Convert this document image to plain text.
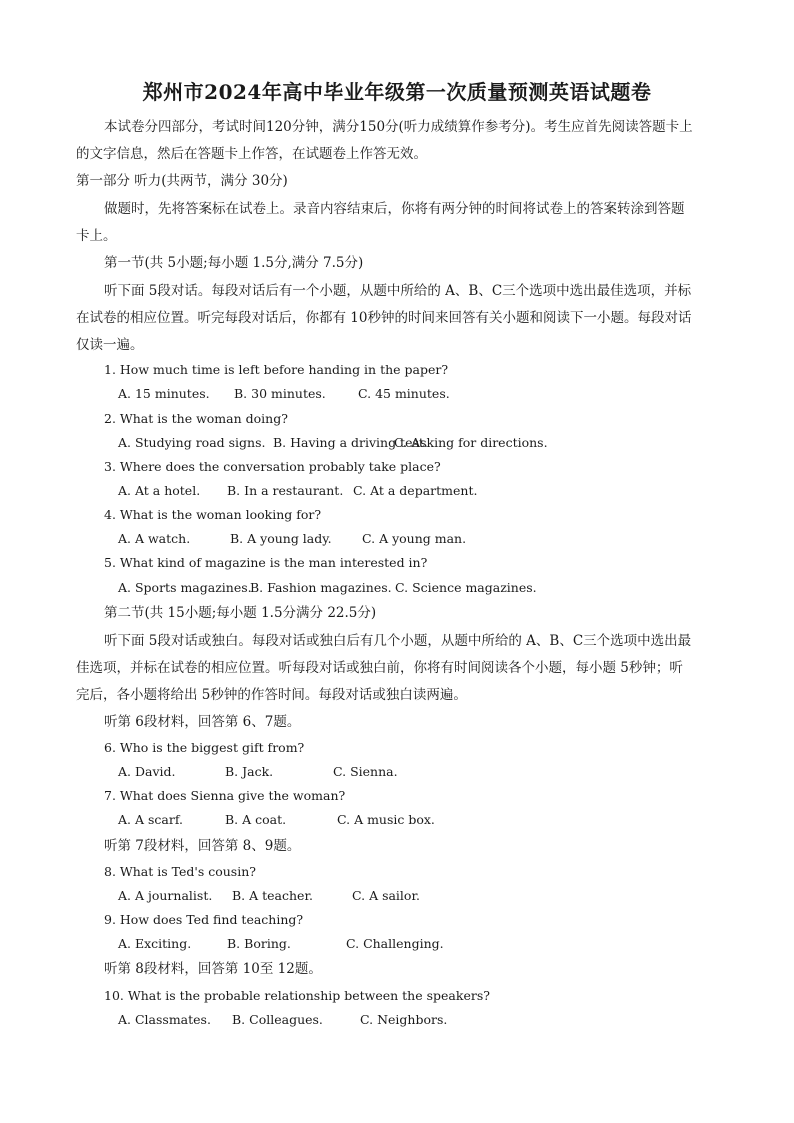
郑州市2024年高中毕业年级第一次质量预测英语试题卷
本试卷分四部分，考试时间120分钟，满分150分(听力成绩算作参考分)。考生应首先阅读答题卡上
的文字信息，然后在答题卡上作答，在试题卷上作答无效。
第一部分 听力(共两节，满分 30分)
做题时，先将答案标在试卷上。录音内容结束后，你将有两分钟的时间将试卷上的答案转涂到答题
卡上。
第一节(共 5小题;每小题 1.5分,满分 7.5分)
听下面 5段对话。每段对话后有一个小题，从题中所给的 A、B、C三个选项中选出最佳选项，并标
在试卷的相应位置。听完每段对话后，你都有 10秒钟的时间来回答有关小题和阅读下一小题。每段对话
仅读一遍。
1. How much time is left before handing in the paper?
A. 15 minutes. B. 30 minutes.	C. 45 minutes.
2. What is the woman doing?
A. Studying road signs. B. Having a driving test.
C. Asking for directions.
3. Where does the conversation probably take place?
A. At a hotel. B. In a restaurant. C. At a department.
4. What is the woman looking for?
A. A watch.	B. A young lady. C. A young man.
5. What kind of magazine is the man interested in?
A. Sports magazines.
B. Fashion magazines. C. Science magazines.
第二节(共 15小题;每小题 1.5分满分 22.5分)
听下面 5段对话或独白。每段对话或独白后有几个小题，从题中所给的 A、B、C三个选项中选出最
佳选项，并标在试卷的相应位置。听每段对话或独白前，你将有时间阅读各个小题，每小题 5秒钟；听
完后，各小题将给出 5秒钟的作答时间。每段对话或独白读两遍。
听第 6段材料，回答第 6、7题。
6. Who is the biggest gift from?
A. David.	B. Jack.	C. Sienna.
7. What does Sienna give the woman?
A. A scarf.	B. A coat.	C. A music box.
听第 7段材料，回答第 8、9题。
8. What is Ted's cousin?
A. A journalist. B. A teacher.	C. A sailor.
9. How does Ted find teaching?
A. Exciting.	B. Boring.	C. Challenging.
听第 8段材料，回答第 10至 12题。
10. What is the probable relationship between the speakers?
A. Classmates. B. Colleagues.	C. Neighbors.
